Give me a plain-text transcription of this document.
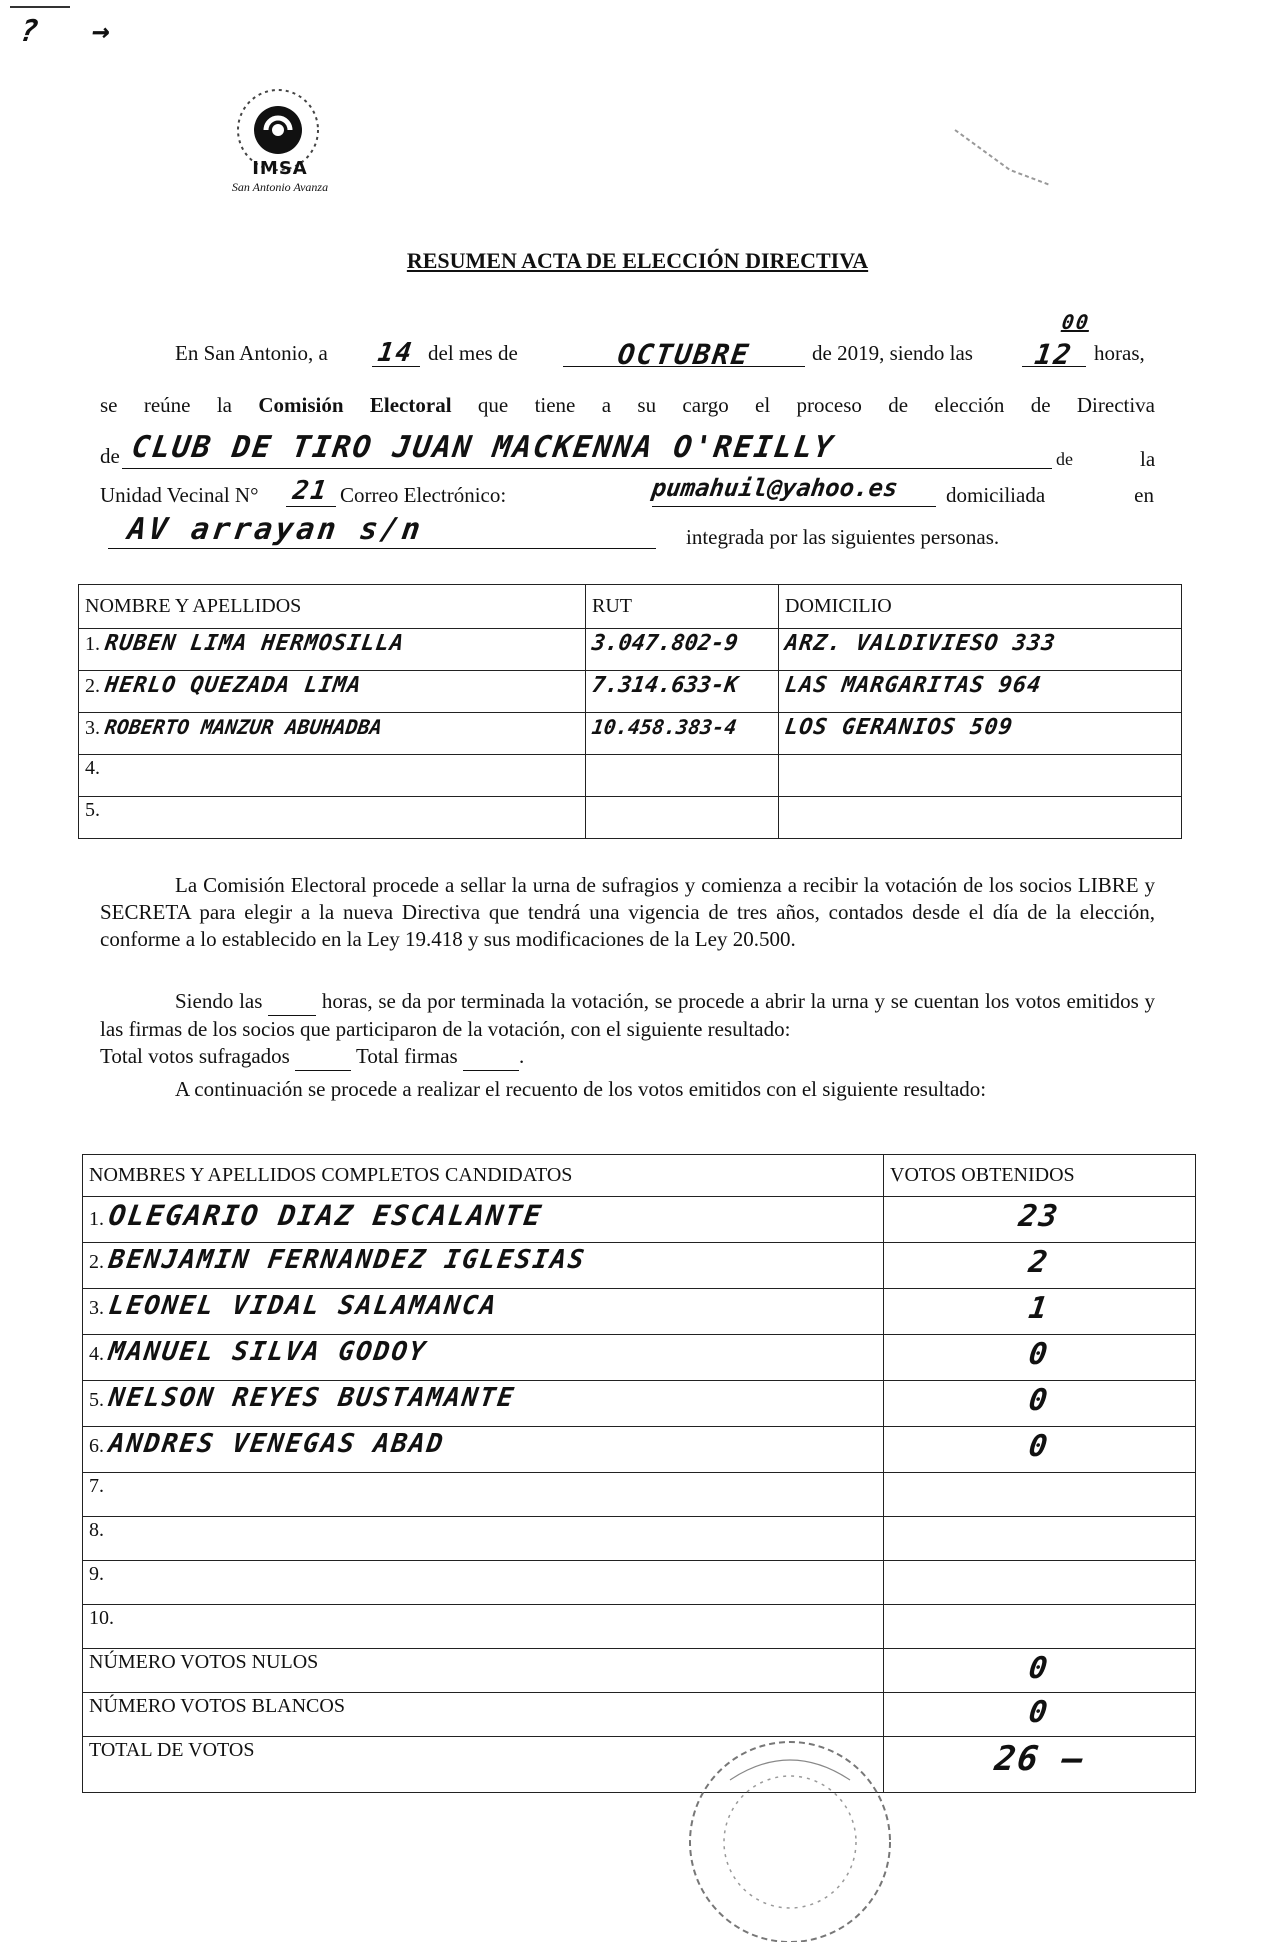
? →
IMSA
San Antonio Avanza
RESUMEN ACTA DE ELECCIÓN DIRECTIVA
En San Antonio, a 14 del mes de	OCTUBRE	de 2019, siendo las	12
00
horas,
se reúne la Comisión Electoral que tiene a su cargo el proceso de elección de Directiva
de CLUB DE TIRO JUAN MACKENNA O'REILLY	de	la
Unidad Vecinal N° 21 Correo Electrónico:	pumahuil@yahoo.es	domiciliada en
AV arrayan s/n	integrada por las siguientes personas.
NOMBRE Y APELLIDOS	RUT	DOMICILIO
1. RUBEN LIMA HERMOSILLA	3.047.802-9	ARZ. VALDIVIESO 333
2. HERLO QUEZADA LIMA	7.314.633-K	LAS MARGARITAS 964
3. ROBERTO MANZUR ABUHADBA	10.458.383-4	LOS GERANIOS 509
4.		
5.		
La Comisión Electoral procede a sellar la urna de sufragios y comienza a recibir la votación de los socios LIBRE y SECRETA para elegir a la nueva Directiva que tendrá una vigencia de tres años, contados desde el día de la elección, conforme a lo establecido en la Ley 19.418 y sus modificaciones de la Ley 20.500.
Siendo las	horas, se da por terminada la votación, se procede a abrir la urna y se cuentan los votos emitidos y las firmas de los socios que participaron de la votación, con el siguiente resultado:
Total votos sufragados	Total firmas	.
A continuación se procede a realizar el recuento de los votos emitidos con el siguiente resultado:
NOMBRES Y APELLIDOS COMPLETOS CANDIDATOS	VOTOS OBTENIDOS
1. OLEGARIO DIAZ ESCALANTE	23
2. BENJAMIN FERNANDEZ IGLESIAS	2
3. LEONEL VIDAL SALAMANCA	1
4. MANUEL SILVA GODOY	0
5. NELSON REYES BUSTAMANTE	0
6. ANDRES VENEGAS ABAD	0
7.	
8.	
9.	
10.	
NÚMERO VOTOS NULOS	0
NÚMERO VOTOS BLANCOS	0
TOTAL DE VOTOS	26 —
